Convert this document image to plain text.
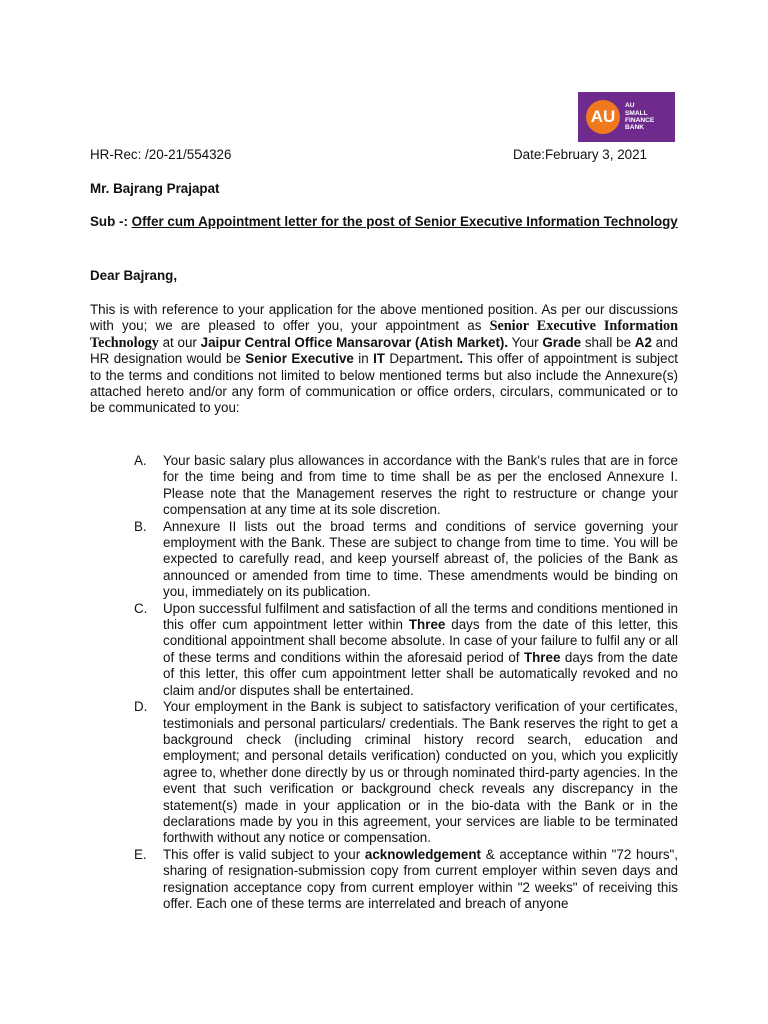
AU
AU
SMALL
FINANCE
BANK
HR-Rec: /20-21/554326	Date:February 3, 2021
Mr. Bajrang Prajapat
Sub -: Offer cum Appointment letter for the post of Senior Executive Information Technology
Dear Bajrang,
This is with reference to your application for the above mentioned position. As per our discussions with you; we are pleased to offer you, your appointment as Senior Executive Information Technology at our Jaipur Central Office Mansarovar (Atish Market). Your Grade shall be A2 and HR designation would be Senior Executive in IT Department. This offer of appointment is subject to the terms and conditions not limited to below mentioned terms but also include the Annexure(s) attached hereto and/or any form of communication or office orders, circulars, communicated or to be communicated to you:
A.	Your basic salary plus allowances in accordance with the Bank's rules that are in force for the time being and from time to time shall be as per the enclosed Annexure I. Please note that the Management reserves the right to restructure or change your compensation at any time at its sole discretion.
B.	Annexure II lists out the broad terms and conditions of service governing your employment with the Bank. These are subject to change from time to time. You will be expected to carefully read, and keep yourself abreast of, the policies of the Bank as announced or amended from time to time. These amendments would be binding on you, immediately on its publication.
C.	Upon successful fulfilment and satisfaction of all the terms and conditions mentioned in this offer cum appointment letter within Three days from the date of this letter, this conditional appointment shall become absolute. In case of your failure to fulfil any or all of these terms and conditions within the aforesaid period of Three days from the date of this letter, this offer cum appointment letter shall be automatically revoked and no claim and/or disputes shall be entertained.
D.	Your employment in the Bank is subject to satisfactory verification of your certificates, testimonials and personal particulars/ credentials. The Bank reserves the right to get a background check (including criminal history record search, education and employment; and personal details verification) conducted on you, which you explicitly agree to, whether done directly by us or through nominated third-party agencies. In the event that such verification or background check reveals any discrepancy in the statement(s) made in your application or in the bio-data with the Bank or in the declarations made by you in this agreement, your services are liable to be terminated forthwith without any notice or compensation.
E.	This offer is valid subject to your acknowledgement & acceptance within "72 hours", sharing of resignation-submission copy from current employer within seven days and resignation acceptance copy from current employer within "2 weeks" of receiving this offer. Each one of these terms are interrelated and breach of anyone
